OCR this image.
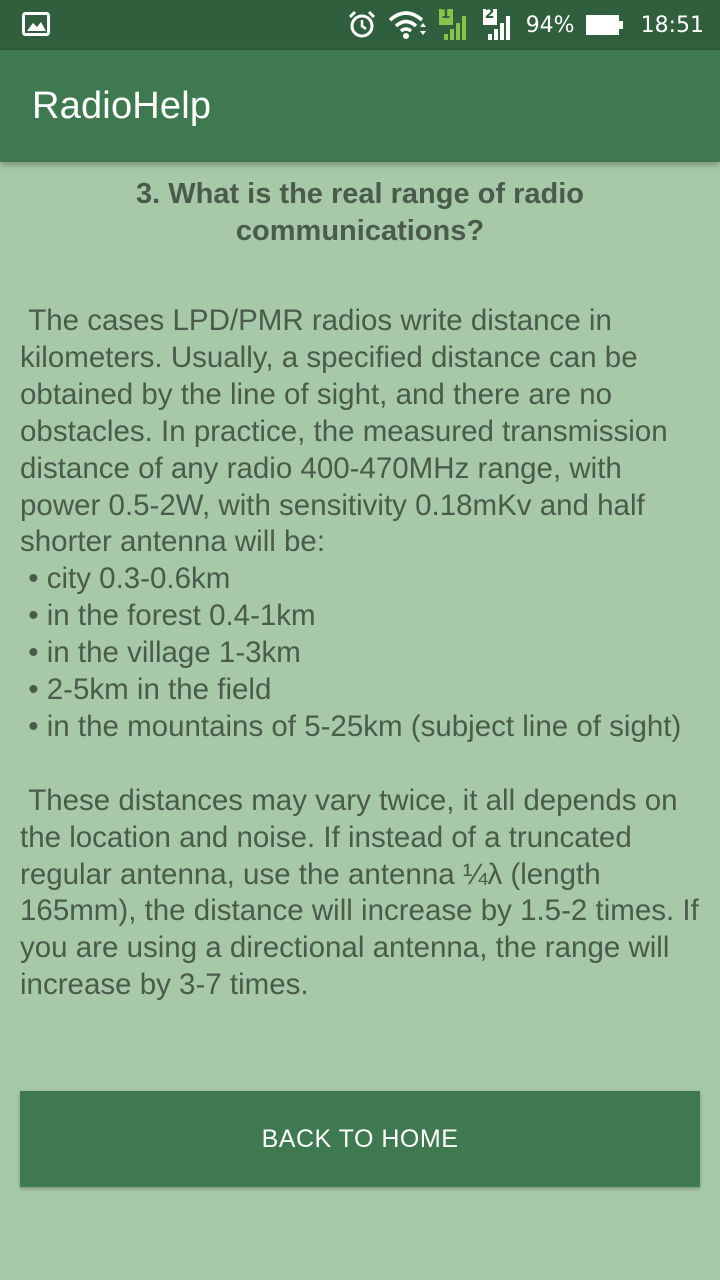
1 2 94%	18:51
RadioHelp
3. What is the real range of radio communications?
The cases LPD/PMR radios write distance in kilometers. Usually, a specified distance can be obtained by the line of sight, and there are no obstacles. In practice, the measured transmission distance of any radio 400-470MHz range, with power 0.5-2W, with sensitivity 0.18mKv and half shorter antenna will be:
• city 0.3-0.6km
• in the forest 0.4-1km
• in the village 1-3km
• 2-5km in the field
• in the mountains of 5-25km (subject line of sight)
These distances may vary twice, it all depends on the location and noise. If instead of a truncated regular antenna, use the antenna ¼λ (length 165mm), the distance will increase by 1.5-2 times. If you are using a directional antenna, the range will increase by 3-7 times.
BACK TO HOME
